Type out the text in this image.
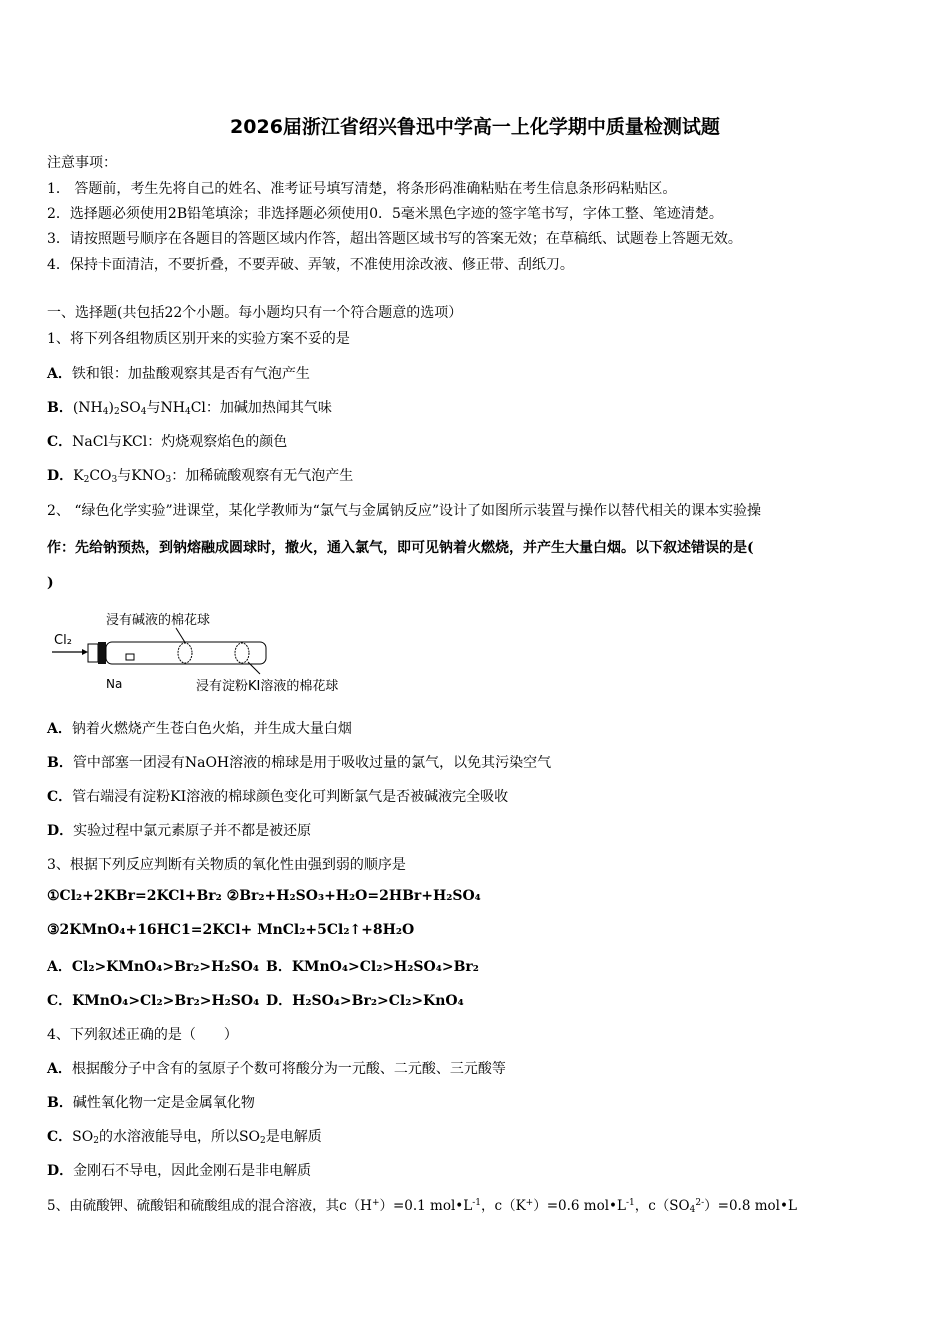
2026届浙江省绍兴鲁迅中学高一上化学期中质量检测试题
注意事项：
1． 答题前，考生先将自己的姓名、准考证号填写清楚，将条形码准确粘贴在考生信息条形码粘贴区。
2．选择题必须使用2B铅笔填涂；非选择题必须使用0．5毫米黑色字迹的签字笔书写，字体工整、笔迹清楚。
3．请按照题号顺序在各题目的答题区域内作答，超出答题区域书写的答案无效；在草稿纸、试题卷上答题无效。
4．保持卡面清洁，不要折叠，不要弄破、弄皱，不准使用涂改液、修正带、刮纸刀。
一、选择题(共包括22个小题。每小题均只有一个符合题意的选项）
1、将下列各组物质区别开来的实验方案不妥的是
A．铁和银：加盐酸观察其是否有气泡产生
B．$(NH_4)_2SO_4$与$NH_4Cl$：加碱加热闻其气味
C．NaCl与KCl：灼烧观察焰色的颜色
D．$K_2CO_3$与$KNO_3$：加稀硫酸观察有无气泡产生
2、 “绿色化学实验”进课堂，某化学教师为“氯气与金属钠反应”设计了如图所示装置与操作以替代相关的课本实验操
作：先给钠预热，到钠熔融成圆球时，撤火，通入氯气，即可见钠着火燃烧，并产生大量白烟。以下叙述错误的是(
)
浸有碱液的棉花球
Cl₂
Na	浸有淀粉KI溶液的棉花球
A．钠着火燃烧产生苍白色火焰，并生成大量白烟
B．管中部塞一团浸有NaOH溶液的棉球是用于吸收过量的氯气，以免其污染空气
C．管右端浸有淀粉KI溶液的棉球颜色变化可判断氯气是否被碱液完全吸收
D．实验过程中氯元素原子并不都是被还原
3、根据下列反应判断有关物质的氧化性由强到弱的顺序是
①Cl₂+2KBr=2KCl+Br₂ ②Br₂+H₂SO₃+H₂O=2HBr+H₂SO₄
③2KMnO₄+16HC1=2KCl+ MnCl₂+5Cl₂↑+8H₂O
A．Cl₂>KMnO₄>Br₂>H₂SO₄ B．KMnO₄>Cl₂>H₂SO₄>Br₂
C．KMnO₄>Cl₂>Br₂>H₂SO₄ D．H₂SO₄>Br₂>Cl₂>KnO₄
4、下列叙述正确的是（　　）
A．根据酸分子中含有的氢原子个数可将酸分为一元酸、二元酸、三元酸等
B．碱性氧化物一定是金属氧化物
C．$SO_2$的水溶液能导电，所以$SO_2$是电解质
D．金刚石不导电，因此金刚石是非电解质
5、由硫酸钾、硫酸铝和硫酸组成的混合溶液，其c（H+）=0.1 $mol•L^{-1}$，c（K+）=0.6 $mol•L^{-1}$，$c(SO_4^{2-})=0.8$ mol•L
